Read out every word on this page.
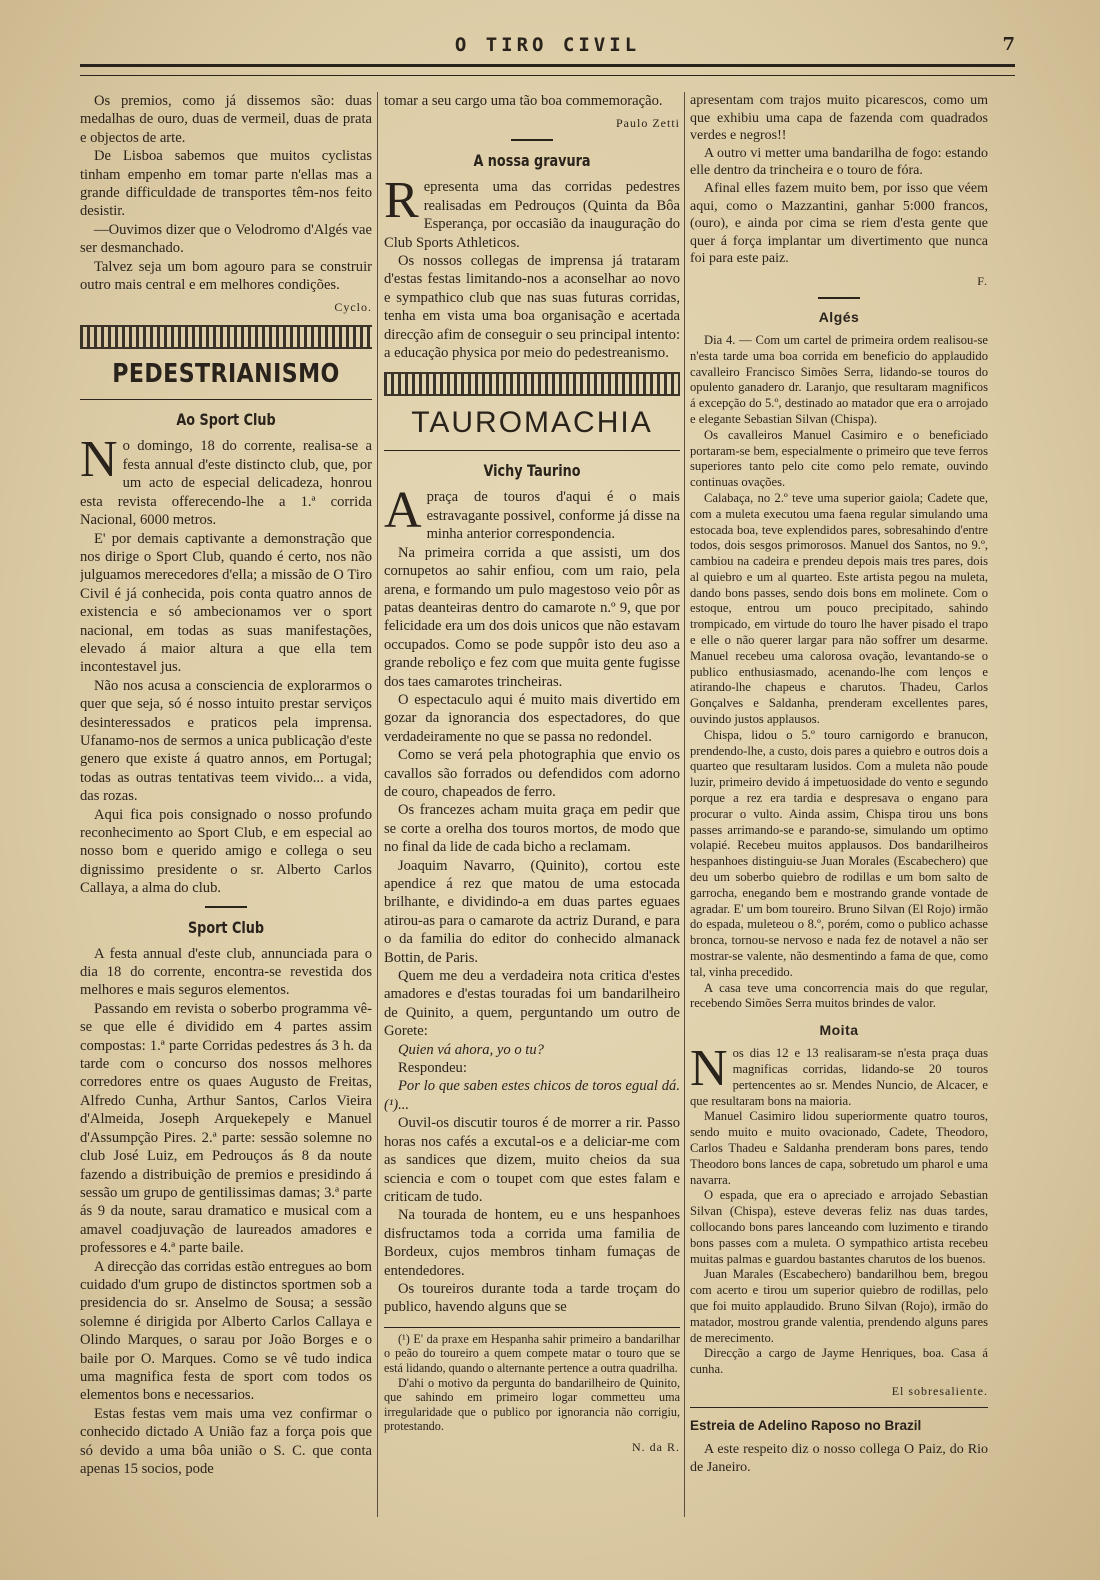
O TIRO CIVIL	7

Os premios, como já dissemos são: duas medalhas de ouro, duas de vermeil, duas de prata e objectos de arte.

De Lisboa sabemos que muitos cyclistas tinham empenho em tomar parte n'ellas mas a grande difficuldade de transportes têm-nos feito desistir.

—Ouvimos dizer que o Velodromo d'Algés vae ser desmanchado.

Talvez seja um bom agouro para se construir outro mais central e em melhores condições.

Cyclo.
PEDESTRIANISMO
Ao Sport Club

No domingo, 18 do corrente, realisa-se a festa annual d'este distincto club, que, por um acto de especial delicadeza, honrou esta revista offerecendo-lhe a 1.ª corrida Nacional, 6000 metros.

E' por demais captivante a demonstração que nos dirige o Sport Club, quando é certo, nos não julguamos merecedores d'ella; a missão de O Tiro Civil é já conhecida, pois conta quatro annos de existencia e só ambecionamos ver o sport nacional, em todas as suas manifestações, elevado á maior altura a que ella tem incontestavel jus.

Não nos acusa a consciencia de explorarmos o quer que seja, só é nosso intuito prestar serviços desinteressados e praticos pela imprensa. Ufanamo-nos de sermos a unica publicação d'este genero que existe á quatro annos, em Portugal; todas as outras tentativas teem vivido... a vida, das rozas.

Aqui fica pois consignado o nosso profundo reconhecimento ao Sport Club, e em especial ao nosso bom e querido amigo e collega o seu dignissimo presidente o sr. Alberto Carlos Callaya, a alma do club.

Sport Club

A festa annual d'este club, annunciada para o dia 18 do corrente, encontra-se revestida dos melhores e mais seguros elementos.

Passando em revista o soberbo programma vê-se que elle é dividido em 4 partes assim compostas: 1.ª parte Corridas pedestres ás 3 h. da tarde com o concurso dos nossos melhores corredores entre os quaes Augusto de Freitas, Alfredo Cunha, Arthur Santos, Carlos Vieira d'Almeida, Joseph Arquekepely e Manuel d'Assumpção Pires. 2.ª parte: sessão solemne no club José Luiz, em Pedrouços ás 8 da noute fazendo a distribuição de premios e presidindo á sessão um grupo de gentilissimas damas; 3.ª parte ás 9 da noute, sarau dramatico e musical com a amavel coadjuvação de laureados amadores e professores e 4.ª parte baile.

A direcção das corridas estão entregues ao bom cuidado d'um grupo de distinctos sportmen sob a presidencia do sr. Anselmo de Sousa; a sessão solemne é dirigida por Alberto Carlos Callaya e Olindo Marques, o sarau por João Borges e o baile por O. Marques. Como se vê tudo indica uma magnifica festa de sport com todos os elementos bons e necessarios.

Estas festas vem mais uma vez confirmar o conhecido dictado A União faz a força pois que só devido a uma bôa união o S. C. que conta apenas 15 socios, pode

tomar a seu cargo uma tão boa commemoração.

Paulo Zetti
A nossa gravura

Representa uma das corridas pedestres realisadas em Pedrouços (Quinta da Bôa Esperança, por occasião da inauguração do Club Sports Athleticos.

Os nossos collegas de imprensa já trataram d'estas festas limitando-nos a aconselhar ao novo e sympathico club que nas suas futuras corridas, tenha em vista uma boa organisação e acertada direcção afim de conseguir o seu principal intento: a educação physica por meio do pedestreanismo.

TAUROMACHIA
Vichy Taurino

Apraça de touros d'aqui é o mais estravagante possivel, conforme já disse na minha anterior correspondencia.

Na primeira corrida a que assisti, um dos cornupetos ao sahir enfiou, com um raio, pela arena, e formando um pulo magestoso veio pôr as patas deanteiras dentro do camarote n.º 9, que por felicidade era um dos dois unicos que não estavam occupados. Como se pode suppôr isto deu aso a grande reboliço e fez com que muita gente fugisse dos taes camarotes trincheiras.

O espectaculo aqui é muito mais divertido em gozar da ignorancia dos espectadores, do que verdadeiramente no que se passa no redondel.

Como se verá pela photographia que envio os cavallos são forrados ou defendidos com adorno de couro, chapeados de ferro.

Os francezes acham muita graça em pedir que se corte a orelha dos touros mortos, de modo que no final da lide de cada bicho a reclamam.

Joaquim Navarro, (Quinito), cortou este apendice á rez que matou de uma estocada brilhante, e dividindo-a em duas partes eguaes atirou-as para o camarote da actriz Durand, e para o da familia do editor do conhecido almanack Bottin, de Paris.

Quem me deu a verdadeira nota critica d'estes amadores e d'estas touradas foi um bandarilheiro de Quinito, a quem, perguntando um outro de Gorete:

Quien vá ahora, yo o tu?

Respondeu:

Por lo que saben estes chicos de toros egual dá. (¹)...

Ouvil-os discutir touros é de morrer a rir. Passo horas nos cafés a excutal-os e a deliciar-me com as sandices que dizem, muito cheios da sua sciencia e com o toupet com que estes falam e criticam de tudo.

Na tourada de hontem, eu e uns hespanhoes disfructamos toda a corrida uma familia de Bordeux, cujos membros tinham fumaças de entendedores.

Os toureiros durante toda a tarde troçam do publico, havendo alguns que se

(¹) E' da praxe em Hespanha sahir primeiro a bandarilhar o peão do toureiro a quem compete matar o touro que se está lidando, quando o alternante pertence a outra quadrilha.

D'ahi o motivo da pergunta do bandarilheiro de Quinito, que sahindo em primeiro logar commetteu uma irregularidade que o publico por ignorancia não corrigiu, protestando.

N. da R.

apresentam com trajos muito picarescos, como um que exhibiu uma capa de fazenda com quadrados verdes e negros!!

A outro vi metter uma bandarilha de fogo: estando elle dentro da trincheira e o touro de fóra.

Afinal elles fazem muito bem, por isso que véem aqui, como o Mazzantini, ganhar 5:000 francos, (ouro), e ainda por cima se riem d'esta gente que quer á força implantar um divertimento que nunca foi para este paiz.

F.
Algés

Dia 4. — Com um cartel de primeira ordem realisou-se n'esta tarde uma boa corrida em beneficio do applaudido cavalleiro Francisco Simões Serra, lidando-se touros do opulento ganadero dr. Laranjo, que resultaram magnificos á excepção do 5.º, destinado ao matador que era o arrojado e elegante Sebastian Silvan (Chispa).

Os cavalleiros Manuel Casimiro e o beneficiado portaram-se bem, especialmente o primeiro que teve ferros superiores tanto pelo cite como pelo remate, ouvindo continuas ovações.

Calabaça, no 2.º teve uma superior gaiola; Cadete que, com a muleta executou uma faena regular simulando uma estocada boa, teve explendidos pares, sobresahindo d'entre todos, dois sesgos primorosos. Manuel dos Santos, no 9.º, cambiou na cadeira e prendeu depois mais tres pares, dois al quiebro e um al quarteo. Este artista pegou na muleta, dando bons passes, sendo dois bons em molinete. Com o estoque, entrou um pouco precipitado, sahindo trompicado, em virtude do touro lhe haver pisado el trapo e elle o não querer largar para não soffrer um desarme. Manuel recebeu uma calorosa ovação, levantando-se o publico enthusiasmado, acenando-lhe com lenços e atirando-lhe chapeus e charutos. Thadeu, Carlos Gonçalves e Saldanha, prenderam excellentes pares, ouvindo justos applausos.

Chispa, lidou o 5.º touro carnigordo e branucon, prendendo-lhe, a custo, dois pares a quiebro e outros dois a quarteo que resultaram lusidos. Com a muleta não poude luzir, primeiro devido á impetuosidade do vento e segundo porque a rez era tardia e despresava o engano para procurar o vulto. Ainda assim, Chispa tirou uns bons passes arrimando-se e parando-se, simulando um optimo volapié. Recebeu muitos applausos. Dos bandarilheiros hespanhoes distinguiu-se Juan Morales (Escabechero) que deu um soberbo quiebro de rodillas e um bom salto de garrocha, enegando bem e mostrando grande vontade de agradar. E' um bom toureiro. Bruno Silvan (El Rojo) irmão do espada, muleteou o 8.º, porém, como o publico achasse bronca, tornou-se nervoso e nada fez de notavel a não ser mostrar-se valente, não desmentindo a fama de que, como tal, vinha precedido.

A casa teve uma concorrencia mais do que regular, recebendo Simões Serra muitos brindes de valor.

Moita

Nos dias 12 e 13 realisaram-se n'esta praça duas magnificas corridas, lidando-se 20 touros pertencentes ao sr. Mendes Nuncio, de Alcacer, e que resultaram bons na maioria.

Manuel Casimiro lidou superiormente quatro touros, sendo muito e muito ovacionado, Cadete, Theodoro, Carlos Thadeu e Saldanha prenderam bons pares, tendo Theodoro bons lances de capa, sobretudo um pharol e uma navarra.

O espada, que era o apreciado e arrojado Sebastian Silvan (Chispa), esteve deveras feliz nas duas tardes, collocando bons pares lanceando com luzimento e tirando bons passes com a muleta. O sympathico artista recebeu muitas palmas e guardou bastantes charutos de los buenos.

Juan Marales (Escabechero) bandarilhou bem, bregou com acerto e tirou um superior quiebro de rodillas, pelo que foi muito applaudido. Bruno Silvan (Rojo), irmão do matador, mostrou grande valentia, prendendo alguns pares de merecimento.

Direcção a cargo de Jayme Henriques, boa. Casa á cunha.

El sobresaliente.
Estreia de Adelino Raposo no Brazil

A este respeito diz o nosso collega O Paiz, do Rio de Janeiro.
